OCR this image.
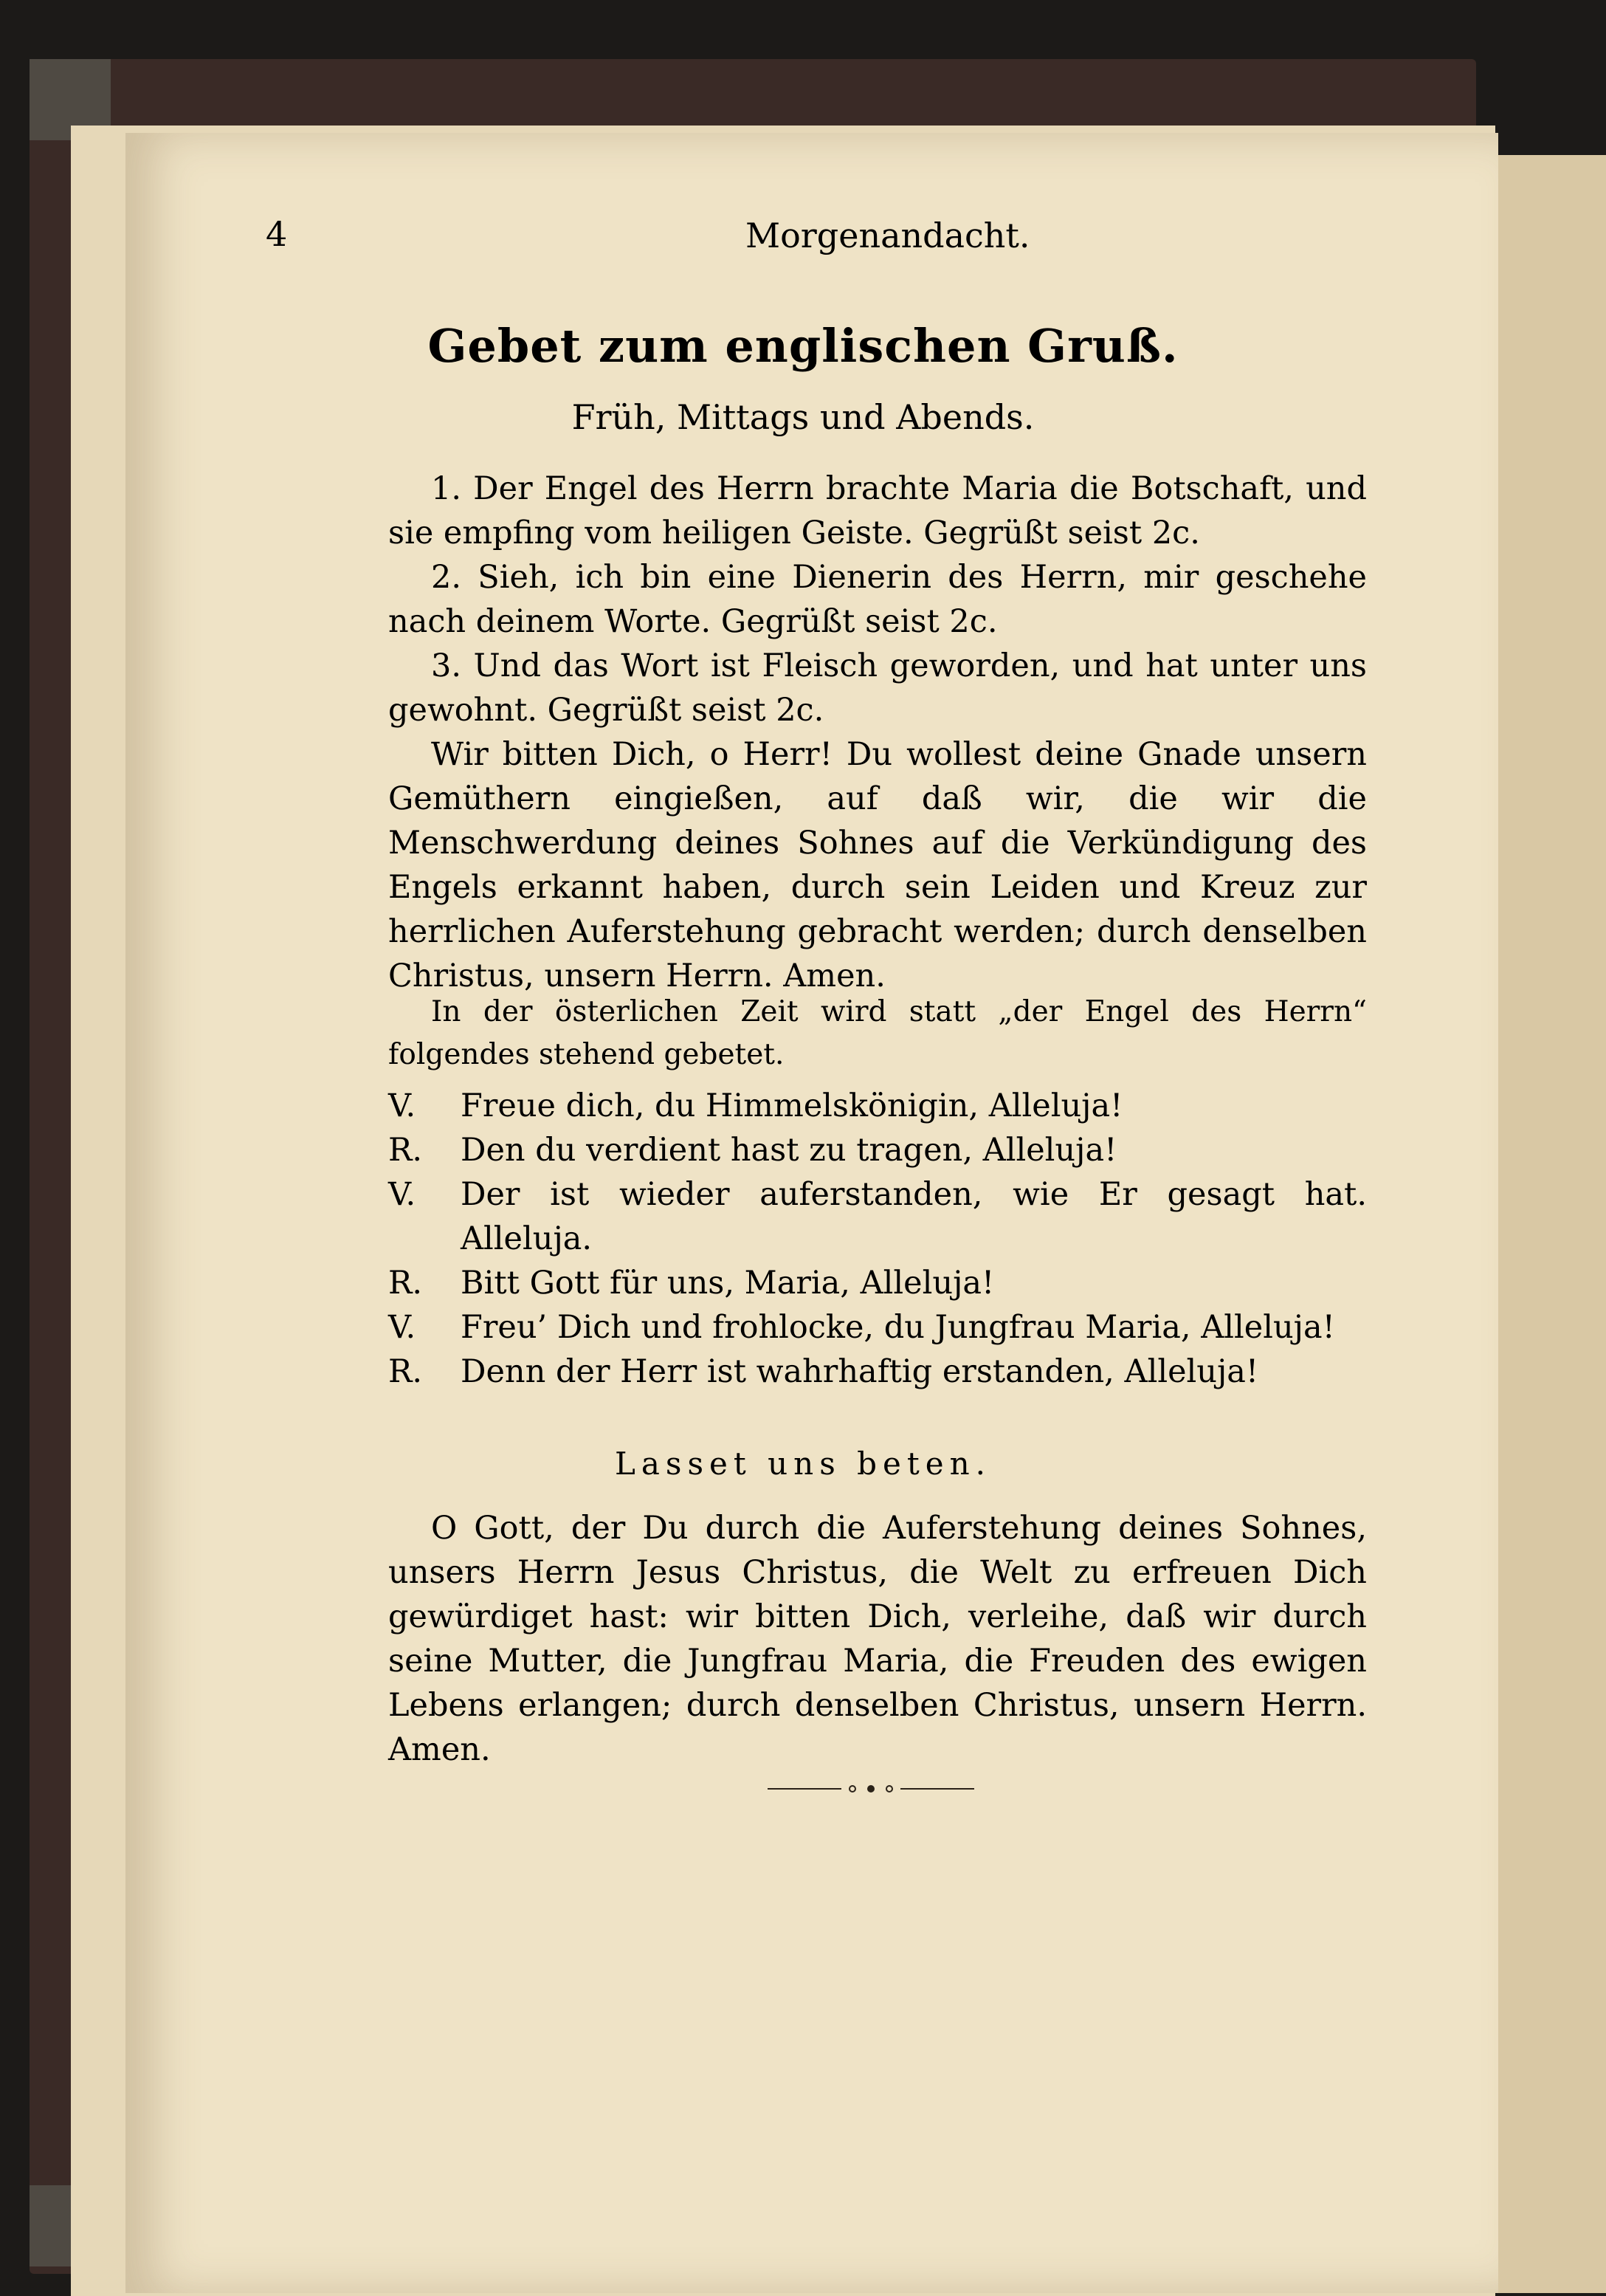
4	Morgenandacht.
Gebet zum englischen Gruß.
Früh, Mittags und Abends.

1. Der Engel des Herrn brachte Maria die Botschaft, und sie empfing vom heiligen Geiste. Gegrüßt seist 2c.

2. Sieh, ich bin eine Dienerin des Herrn, mir geschehe nach deinem Worte. Gegrüßt seist 2c.

3. Und das Wort ist Fleisch geworden, und hat unter uns gewohnt. Gegrüßt seist 2c.

Wir bitten Dich, o Herr! Du wollest deine Gnade unsern Gemüthern eingießen, auf daß wir, die wir die Menschwerdung deines Sohnes auf die Verkündigung des Engels erkannt haben, durch sein Leiden und Kreuz zur herrlichen Auferstehung gebracht werden; durch denselben Christus, unsern Herrn. Amen.

In der österlichen Zeit wird statt „der Engel des Herrn“ folgendes stehend gebetet.

V.	Freue dich, du Himmelskönigin, Alleluja!
R.	Den du verdient hast zu tragen, Alleluja!
V.	Der ist wieder auferstanden, wie Er gesagt hat. Alleluja.
R.	Bitt Gott für uns, Maria, Alleluja!
V.	Freu’ Dich und frohlocke, du Jungfrau Maria, Alleluja!
R.	Denn der Herr ist wahrhaftig erstanden, Alleluja!
Lasset uns beten.

O Gott, der Du durch die Auferstehung deines Sohnes, unsers Herrn Jesus Christus, die Welt zu erfreuen Dich gewürdiget hast: wir bitten Dich, verleihe, daß wir durch seine Mutter, die Jungfrau Maria, die Freuden des ewigen Lebens erlangen; durch denselben Christus, unsern Herrn. Amen.
